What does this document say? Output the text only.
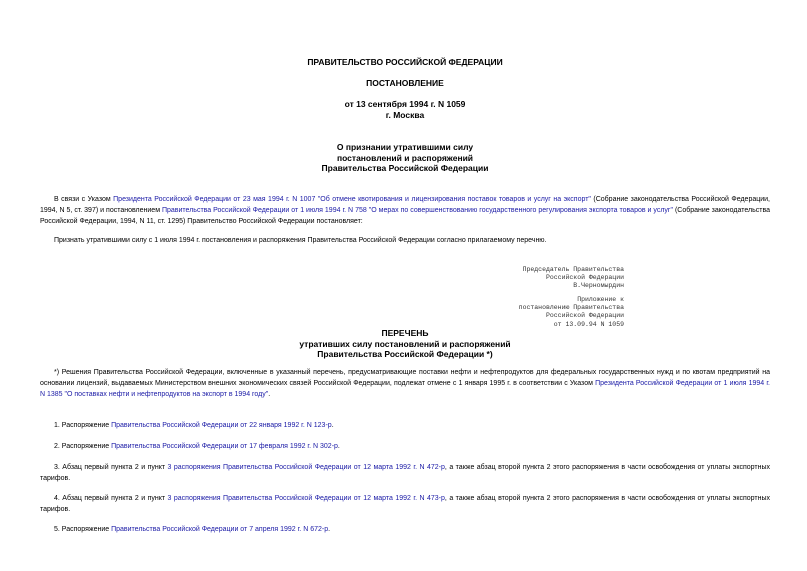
ПРАВИТЕЛЬСТВО РОССИЙСКОЙ ФЕДЕРАЦИИ
ПОСТАНОВЛЕНИЕ
от 13 сентября 1994 г. N 1059
г. Москва
О признании утратившими силу
постановлений и распоряжений
Правительства Российской Федерации
В связи с Указом Президента Российской Федерации от 23 мая 1994 г. N 1007 "Об отмене квотирования и лицензирования поставок товаров и услуг на экспорт" (Собрание законодательства Российской Федерации, 1994, N 5, ст. 397) и постановлением Правительства Российской Федерации от 1 июля 1994 г. N 758 "О мерах по совершенствованию государственного регулирования экспорта товаров и услуг" (Собрание законодательства Российской Федерации, 1994, N 11, ст. 1295) Правительство Российской Федерации постановляет:
Признать утратившими силу с 1 июля 1994 г. постановления и распоряжения Правительства Российской Федерации согласно прилагаемому перечню.
Председатель Правительства
Российской Федерации
В.Черномырдин
Приложение к
постановлению Правительства
Российской Федерации
от 13.09.94 N 1059
ПЕРЕЧЕНЬ
утративших силу постановлений и распоряжений
Правительства Российской Федерации *)
*) Решения Правительства Российской Федерации, включенные в указанный перечень, предусматривающие поставки нефти и нефтепродуктов для федеральных государственных нужд и по квотам предприятий на основании лицензий, выдаваемых Министерством внешних экономических связей Российской Федерации, подлежат отмене с 1 января 1995 г. в соответствии с Указом Президента Российской Федерации от 1 июля 1994 г. N 1385 "О поставках нефти и нефтепродуктов на экспорт в 1994 году".
1. Распоряжение Правительства Российской Федерации от 22 января 1992 г. N 123-р.
2. Распоряжение Правительства Российской Федерации от 17 февраля 1992 г. N 302-р.
3. Абзац первый пункта 2 и пункт 3 распоряжения Правительства Российской Федерации от 12 марта 1992 г. N 472-р, а также абзац второй пункта 2 этого распоряжения в части освобождения от уплаты экспортных тарифов.
4. Абзац первый пункта 2 и пункт 3 распоряжения Правительства Российской Федерации от 12 марта 1992 г. N 473-р, а также абзац второй пункта 2 этого распоряжения в части освобождения от уплаты экспортных тарифов.
5. Распоряжение Правительства Российской Федерации от 7 апреля 1992 г. N 672-р.
